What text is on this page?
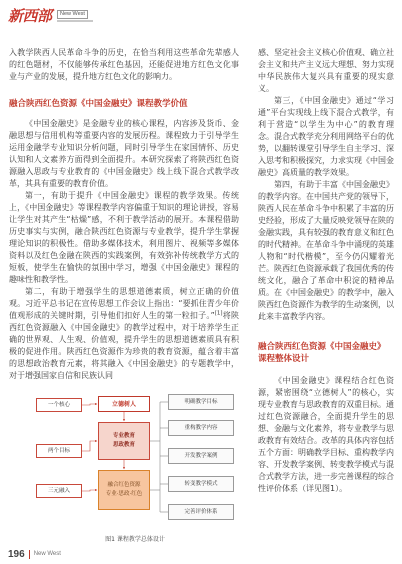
新西部	New West

入教学陕西人民革命斗争的历史，在恰当利用这些革命先辈感人的红色题材，不仅能够传承红色基因，还能促进地方红色文化事业与产业的发展，提升地方红色文化的影响力。

融合陕西红色资源《中国金融史》课程教学价值

《中国金融史》是金融专业的核心课程，内容涉及货币、金融思想与信用机构等重要内容的发展历程。课程致力于引导学生运用金融学专业知识分析问题，同时引导学生在家国情怀、历史认知和人文素养方面得到全面提升。本研究探索了将陕西红色资源融入思政与专业教育的《中国金融史》线上线下混合式教学改革，其具有重要的教育价值。

第一，有助于提升《中国金融史》课程的教学效果。传统上，《中国金融史》等课程教学内容偏重于知识的理论讲授，容易让学生对其产生“枯燥”感，不利于教学活动的展开。本课程借助历史事实与实例，融合陕西红色资源与专业教学，提升学生掌握理论知识的积极性。借助多媒体技术，利用图片、视频等多媒体资料以及红色金融在陕西的实践案例，有效弥补传统教学方式的短板，使学生在愉快的氛围中学习，增强《中国金融史》课程的趣味性和教学性。

第二，有助于增强学生的思想道德素质，树立正确的价值观。习近平总书记在宣传思想工作会议上指出：“要抓住青少年价值观形成的关键时期，引导他们扣好人生的第一粒扣子。”[1]将陕西红色资源融入《中国金融史》的教学过程中，对于培养学生正确的世界观、人生观、价值观，提升学生的思想道德素质具有积极的促进作用。陕西红色资源作为珍贵的教育资源，蕴含着丰富的思想政治教育元素，将其融入《中国金融史》的专题教学中，对于增强国家自信和民族认同

一个核心
两个目标
三元融入
立德树人
专业教育
思政教育
融合红色资源
专业·思政·红色
明确教学目标
重构教学内容
开发教学案例
转变教学模式
完善评价体系
图1 课程教学总体设计

感、坚定社会主义核心价值观、确立社会主义和共产主义远大理想、努力实现中华民族伟大复兴具有重要的现实意义。

第三，《中国金融史》通过“学习通”平台实现线上线下混合式教学，有利于营造“以学生为中心”的教育理念。混合式教学充分利用网络平台的优势，以翻转课堂引导学生自主学习、深入思考和积极探究，力求实现《中国金融史》高质量的教学效果。

第四，有助于丰富《中国金融史》的教学内容。在中国共产党的领导下，陕西人民在革命斗争中积累了丰富的历史经验，形成了大量反映党领导在陕的金融实践，具有较强的教育意义和红色的时代精神。在革命斗争中涌现的英雄人物和“时代楷模”，至今仍闪耀着光芒。陕西红色资源承载了我国优秀的传统文化，融合了革命中积淀的精神品质。在《中国金融史》的教学中，融入陕西红色资源作为教学的生动案例，以此来丰富教学内容。

融合陕西红色资源《中国金融史》
课程整体设计

《中国金融史》课程结合红色资源，紧密围绕“立德树人”的核心，实现专业教育与思政教育的双重目标。通过红色资源融合，全面提升学生的思想、金融与文化素养，将专业教学与思政教育有效结合。改革的具体内容包括五个方面：明确教学目标、重构教学内容、开发教学案例、转变教学模式与混合式教学方法，进一步完善课程的综合性评价体系（详见图1）。

196 New West
